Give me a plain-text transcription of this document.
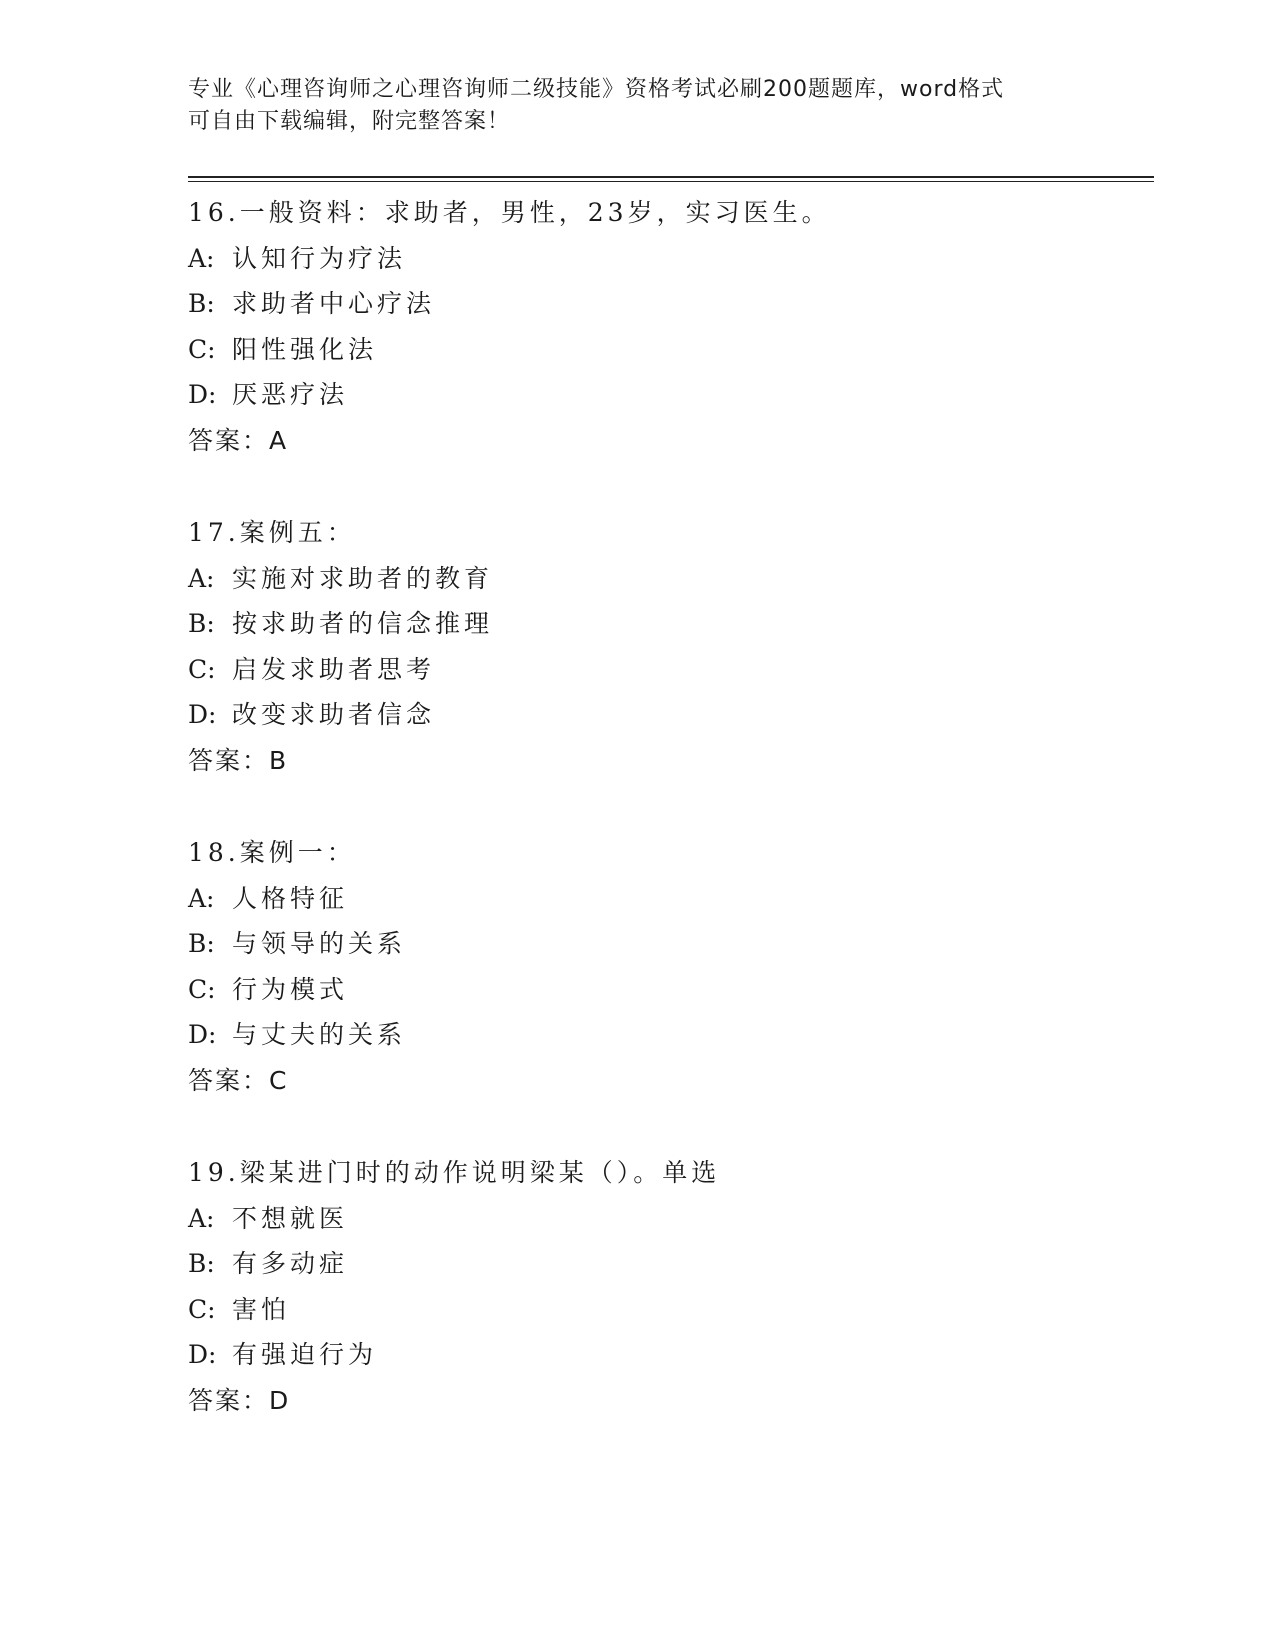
专业《心理咨询师之心理咨询师二级技能》资格考试必刷200题题库，word格式
可自由下载编辑，附完整答案！
16.一般资料：求助者，男性，23岁，实习医生。
A: 认知行为疗法
B: 求助者中心疗法
C: 阳性强化法
D: 厌恶疗法
答案：A
17.案例五：
A: 实施对求助者的教育
B: 按求助者的信念推理
C: 启发求助者思考
D: 改变求助者信念
答案：B
18.案例一：
A: 人格特征
B: 与领导的关系
C: 行为模式
D: 与丈夫的关系
答案：C
19.梁某进门时的动作说明梁某（）。单选
A: 不想就医
B: 有多动症
C: 害怕
D: 有强迫行为
答案：D
